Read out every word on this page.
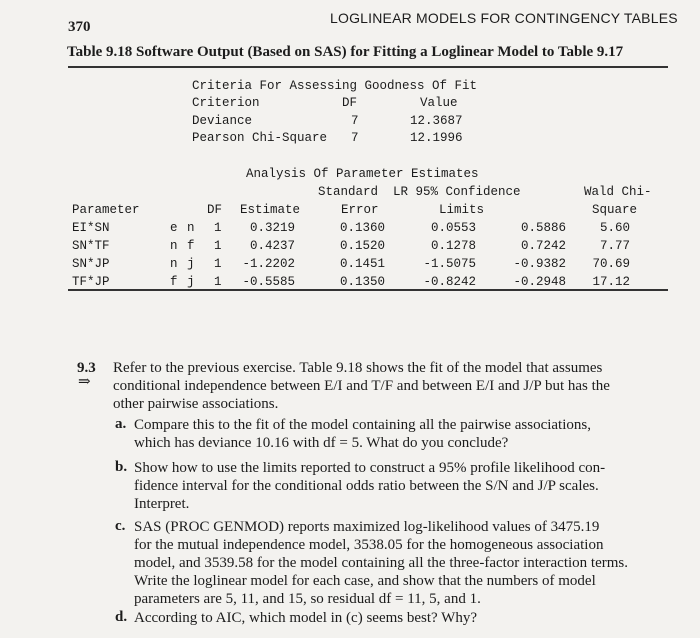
370
LOGLINEAR MODELS FOR CONTINGENCY TABLES
Table 9.18 Software Output (Based on SAS) for Fitting a Loglinear Model to Table 9.17
Criteria For Assessing Goodness Of Fit
Criterion	DF	Value
Deviance	7	12.3687
Pearson Chi-Square 7	12.1996
Analysis Of Parameter Estimates
Standard LR 95% Confidence	Wald Chi-
Parameter	DF Estimate	Error	Limits	Square
EI*SN	e n 1	0.3219	0.1360	0.0553	0.5886	5.60
SN*TF	n f 1	0.4237	0.1520	0.1278	0.7242	7.77
SN*JP	n j 1	-1.2202	0.1451	-1.5075	-0.9382	70.69
TF*JP	f j 1	-0.5585	0.1350	-0.8242	-0.2948	17.12
9.3
⇒
Refer to the previous exercise. Table 9.18 shows the fit of the model that assumes
conditional independence between E/I and T/F and between E/I and J/P but has the
other pairwise associations.
a. Compare this to the fit of the model containing all the pairwise associations,
which has deviance 10.16 with df = 5. What do you conclude?
b. Show how to use the limits reported to construct a 95% profile likelihood con-
fidence interval for the conditional odds ratio between the S/N and J/P scales.
Interpret.
c. SAS (PROC GENMOD) reports maximized log-likelihood values of 3475.19
for the mutual independence model, 3538.05 for the homogeneous association
model, and 3539.58 for the model containing all the three-factor interaction terms.
Write the loglinear model for each case, and show that the numbers of model
parameters are 5, 11, and 15, so residual df = 11, 5, and 1.
d. According to AIC, which model in (c) seems best? Why?
